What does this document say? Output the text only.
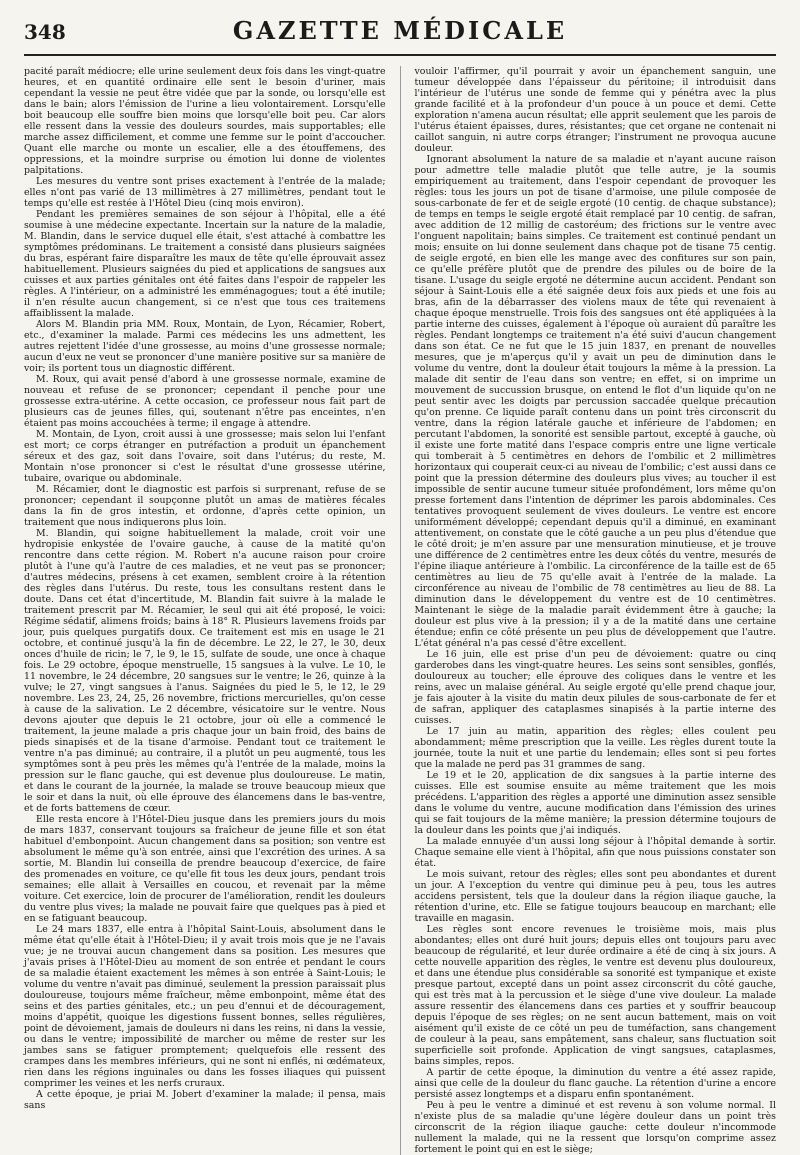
348	GAZETTE MÉDICALE

pacité paraît médiocre; elle urine seulement deux fois dans les vingt-quatre heures, et en quantité ordinaire elle sent le besoin d'uriner, mais cependant la vessie ne peut être vidée que par la sonde, ou lorsqu'elle est dans le bain; alors l'émission de l'urine a lieu volontairement. Lorsqu'elle boit beaucoup elle souffre bien moins que lorsqu'elle boit peu. Car alors elle ressent dans la vessie des douleurs sourdes, mais supportables; elle marche assez difficilement, et comme une femme sur le point d'accoucher. Quant elle marche ou monte un escalier, elle a des étouffemens, des oppressions, et la moindre surprise ou émotion lui donne de violentes palpitations.

Les mesures du ventre sont prises exactement à l'entrée de la malade; elles n'ont pas varié de 13 millimètres à 27 millimètres, pendant tout le temps qu'elle est restée à l'Hôtel Dieu (cinq mois environ).

Pendant les premières semaines de son séjour à l'hôpital, elle a été soumise à une médecine expectante. Incertain sur la nature de la maladie, M. Blandin, dans le service duquel elle était, s'est attaché à combattre les symptômes prédominans. Le traitement a consisté dans plusieurs saignées du bras, espérant faire disparaître les maux de tête qu'elle éprouvait assez habituellement. Plusieurs saignées du pied et applications de sangsues aux cuisses et aux parties génitales ont été faites dans l'espoir de rappeler les règles. A l'intérieur, on a administré les emménagogues; tout a été inutile; il n'en résulte aucun changement, si ce n'est que tous ces traitemens affaiblissent la malade.

Alors M. Blandin pria MM. Roux, Montain, de Lyon, Récamier, Robert, etc., d'examiner la malade. Parmi ces médecins les uns admettent, les autres rejettent l'idée d'une grossesse, au moins d'une grossesse normale; aucun d'eux ne veut se prononcer d'une manière positive sur sa manière de voir; ils portent tous un diagnostic différent.

M. Roux, qui avait pensé d'abord à une grossesse normale, examine de nouveau et refuse de se prononcer; cependant il penche pour une grossesse extra-utérine. A cette occasion, ce professeur nous fait part de plusieurs cas de jeunes filles, qui, soutenant n'être pas enceintes, n'en étaient pas moins accouchées à terme; il engage à attendre.

M. Montain, de Lyon, croit aussi à une grossesse; mais selon lui l'enfant est mort; ce corps étranger en putréfaction a produit un épanchement séreux et des gaz, soit dans l'ovaire, soit dans l'utérus; du reste, M. Montain n'ose prononcer si c'est le résultat d'une grossesse utérine, tubaire, ovarique ou abdominale.

M. Récamier, dont le diagnostic est parfois si surprenant, refuse de se prononcer; cependant il soupçonne plutôt un amas de matières fécales dans la fin de gros intestin, et ordonne, d'après cette opinion, un traitement que nous indiquerons plus loin.

M. Blandin, qui soigne habituellement la malade, croit voir une hydropisie enkystée de l'ovaire gauche, à cause de la matité qu'on rencontre dans cette région. M. Robert n'a aucune raison pour croire plutôt à l'une qu'à l'autre de ces maladies, et ne veut pas se prononcer; d'autres médecins, présens à cet examen, semblent croire à la rétention des règles dans l'utérus. Du reste, tous les consultans restent dans le doute. Dans cet état d'incertitude, M. Blandin fait suivre à la malade le traitement prescrit par M. Récamier, le seul qui ait été proposé, le voici: Régime sédatif, alimens froids; bains à 18° R. Plusieurs lavemens froids par jour, puis quelques purgatifs doux. Ce traitement est mis en usage le 21 octobre, et continué jusqu'à la fin de décembre. Le 22, le 27, le 30, deux onces d'huile de ricin; le 7, le 9, le 15, sulfate de soude, une once à chaque fois. Le 29 octobre, époque menstruelle, 15 sangsues à la vulve. Le 10, le 11 novembre, le 24 décembre, 20 sangsues sur le ventre; le 26, quinze à la vulve; le 27, vingt sangsues à l'anus. Saignées du pied le 5, le 12, le 29 novembre. Les 23, 24, 25, 26 novembre, frictions mercurielles, qu'on cesse à cause de la salivation. Le 2 décembre, vésicatoire sur le ventre. Nous devons ajouter que depuis le 21 octobre, jour où elle a commencé le traitement, la jeune malade a pris chaque jour un bain froid, des bains de pieds sinapisés et de la tisane d'armoise. Pendant tout ce traitement le ventre n'a pas diminué; au contraire, il a plutôt un peu augmenté, tous les symptômes sont à peu près les mêmes qu'à l'entrée de la malade, moins la pression sur le flanc gauche, qui est devenue plus douloureuse. Le matin, et dans le courant de la journée, la malade se trouve beaucoup mieux que le soir et dans la nuit, où elle éprouve des élancemens dans le bas-ventre, et de forts battemens de cœur.

Elle resta encore à l'Hôtel-Dieu jusque dans les premiers jours du mois de mars 1837, conservant toujours sa fraîcheur de jeune fille et son état habituel d'embonpoint. Aucun changement dans sa position; son ventre est absolument le même qu'à son entrée, ainsi que l'excrétion des urines. A sa sortie, M. Blandin lui conseilla de prendre beaucoup d'exercice, de faire des promenades en voiture, ce qu'elle fit tous les deux jours, pendant trois semaines; elle allait à Versailles en coucou, et revenait par la même voiture. Cet exercice, loin de procurer de l'amélioration, rendit les douleurs du ventre plus vives; la malade ne pouvait faire que quelques pas à pied et en se fatiguant beaucoup.

Le 24 mars 1837, elle entra à l'hôpital Saint-Louis, absolument dans le même état qu'elle était à l'Hôtel-Dieu; il y avait trois mois que je ne l'avais vue; je ne trouvai aucun changement dans sa position. Les mesures que j'avais prises à l'Hôtel-Dieu au moment de son entrée et pendant le cours de sa maladie étaient exactement les mêmes à son entrée à Saint-Louis; le volume du ventre n'avait pas diminué, seulement la pression paraissait plus douloureuse, toujours même fraîcheur, même embonpoint, même état des seins et des parties génitales, etc.; un peu d'ennui et de découragement, moins d'appétit, quoique les digestions fussent bonnes, selles régulières, point de dévoiement, jamais de douleurs ni dans les reins, ni dans la vessie, ou dans le ventre; impossibilité de marcher ou même de rester sur les jambes sans se fatiguer promptement; quelquefois elle ressent des crampes dans les membres inférieurs, qui ne sont ni enflés, ni œdémateux, rien dans les régions inguinales ou dans les fosses iliaques qui puissent comprimer les veines et les nerfs cruraux.

A cette époque, je priai M. Jobert d'examiner la malade; il pensa, mais sans

vouloir l'affirmer, qu'il pourrait y avoir un épanchement sanguin, une tumeur développée dans l'épaisseur du péritoine; il introduisit dans l'intérieur de l'utérus une sonde de femme qui y pénétra avec la plus grande facilité et à la profondeur d'un pouce à un pouce et demi. Cette exploration n'amena aucun résultat; elle apprit seulement que les parois de l'utérus étaient épaisses, dures, résistantes; que cet organe ne contenait ni caillot sanguin, ni autre corps étranger; l'instrument ne provoqua aucune douleur.

Ignorant absolument la nature de sa maladie et n'ayant aucune raison pour admettre telle maladie plutôt que telle autre, je la soumis empiriquement au traitement, dans l'espoir cependant de provoquer les règles: tous les jours un pot de tisane d'armoise, une pilule composée de sous-carbonate de fer et de seigle ergoté (10 centig. de chaque substance); de temps en temps le seigle ergoté était remplacé par 10 centig. de safran, avec addition de 12 millig de castoréum; des frictions sur le ventre avec l'onguent napolitain; bains simples. Ce traitement est continué pendant un mois; ensuite on lui donne seulement dans chaque pot de tisane 75 centig. de seigle ergoté, en bien elle les mange avec des confitures sur son pain, ce qu'elle préfère plutôt que de prendre des pilules ou de boire de la tisane. L'usage du seigle ergoté ne détermine aucun accident. Pendant son séjour à Saint-Louis elle a été saignée deux fois aux pieds et une fois au bras, afin de la débarrasser des violens maux de tête qui revenaient à chaque époque menstruelle. Trois fois des sangsues ont été appliquées à la partie interne des cuisses, également à l'époque où auraient dû paraître les règles. Pendant longtemps ce traitement n'a été suivi d'aucun changement dans son état. Ce ne fut que le 15 juin 1837, en prenant de nouvelles mesures, que je m'aperçus qu'il y avait un peu de diminution dans le volume du ventre, dont la douleur était toujours la même à la pression. La malade dit sentir de l'eau dans son ventre; en effet, si on imprime un mouvement de succussion brusque, on entend le flot d'un liquide qu'on ne peut sentir avec les doigts par percussion saccadée quelque précaution qu'on prenne. Ce liquide paraît contenu dans un point très circonscrit du ventre, dans la région latérale gauche et inférieure de l'abdomen; en percutant l'abdomen, la sonorité est sensible partout, excepté à gauche, où il existe une forte matité dans l'espace compris entre une ligne verticale qui tomberait à 5 centimètres en dehors de l'ombilic et 2 millimètres horizontaux qui couperait ceux-ci au niveau de l'ombilic; c'est aussi dans ce point que la pression détermine des douleurs plus vives; au toucher il est impossible de sentir aucune tumeur située profondément, lors même qu'on presse fortement dans l'intention de déprimer les parois abdominales. Ces tentatives provoquent seulement de vives douleurs. Le ventre est encore uniformément développé; cependant depuis qu'il a diminué, en examinant attentivement, on constate que le côté gauche a un peu plus d'étendue que le côté droit; je m'en assure par une mensuration minutieuse, et je trouve une différence de 2 centimètres entre les deux côtés du ventre, mesurés de l'épine iliaque antérieure à l'ombilic. La circonférence de la taille est de 65 centimètres au lieu de 75 qu'elle avait à l'entrée de la malade. La circonférence au niveau de l'ombilic de 78 centimètres au lieu de 88. La diminution dans le développement du ventre est de 10 centimètres. Maintenant le siège de la maladie paraît évidemment être à gauche; la douleur est plus vive à la pression; il y a de la matité dans une certaine étendue; enfin ce côté présente un peu plus de développement que l'autre. L'état général n'a pas cessé d'être excellent.

Le 16 juin, elle est prise d'un peu de dévoiement: quatre ou cinq garderobes dans les vingt-quatre heures. Les seins sont sensibles, gonflés, douloureux au toucher; elle éprouve des coliques dans le ventre et les reins, avec un malaise général. Au seigle ergoté qu'elle prend chaque jour, je fais ajouter à la visite du matin deux pilules de sous-carbonate de fer et de safran, appliquer des cataplasmes sinapisés à la partie interne des cuisses.

Le 17 juin au matin, apparition des règles; elles coulent peu abondamment; même prescription que la veille. Les règles durent toute la journée, toute la nuit et une partie du lendemain; elles sont si peu fortes que la malade ne perd pas 31 grammes de sang.

Le 19 et le 20, application de dix sangsues à la partie interne des cuisses. Elle est soumise ensuite au même traitement que les mois précédens. L'apparition des règles a apporté une diminution assez sensible dans le volume du ventre, aucune modification dans l'émission des urines qui se fait toujours de la même manière; la pression détermine toujours de la douleur dans les points que j'ai indiqués.

La malade ennuyée d'un aussi long séjour à l'hôpital demande à sortir. Chaque semaine elle vient à l'hôpital, afin que nous puissions constater son état.

Le mois suivant, retour des règles; elles sont peu abondantes et durent un jour. A l'exception du ventre qui diminue peu à peu, tous les autres accidens persistent, tels que la douleur dans la région iliaque gauche, la rétention d'urine, etc. Elle se fatigue toujours beaucoup en marchant; elle travaille en magasin.

Les règles sont encore revenues le troisième mois, mais plus abondantes; elles ont duré huit jours; depuis elles ont toujours paru avec beaucoup de régularité, et leur durée ordinaire a été de cinq à six jours. A cette nouvelle apparition des règles, le ventre est devenu plus douloureux, et dans une étendue plus considérable sa sonorité est tympanique et existe presque partout, excepté dans un point assez circonscrit du côté gauche, qui est très mat à la percussion et le siège d'une vive douleur. La malade assure ressentir des élancemens dans ces parties et y souffrir beaucoup depuis l'époque de ses règles; on ne sent aucun battement, mais on voit aisément qu'il existe de ce côté un peu de tuméfaction, sans changement de couleur à la peau, sans empâtement, sans chaleur, sans fluctuation soit superficielle soit profonde. Application de vingt sangsues, cataplasmes, bains simples, repos.

A partir de cette époque, la diminution du ventre a été assez rapide, ainsi que celle de la douleur du flanc gauche. La rétention d'urine a encore persisté assez longtemps et a disparu enfin spontanément.

Peu à peu le ventre a diminué et est revenu à son volume normal. Il n'existe plus de sa maladie qu'une légère douleur dans un point très circonscrit de la région iliaque gauche: cette douleur n'incommode nullement la malade, qui ne la ressent que lorsqu'on comprime assez fortement le point qui en est le siège;
